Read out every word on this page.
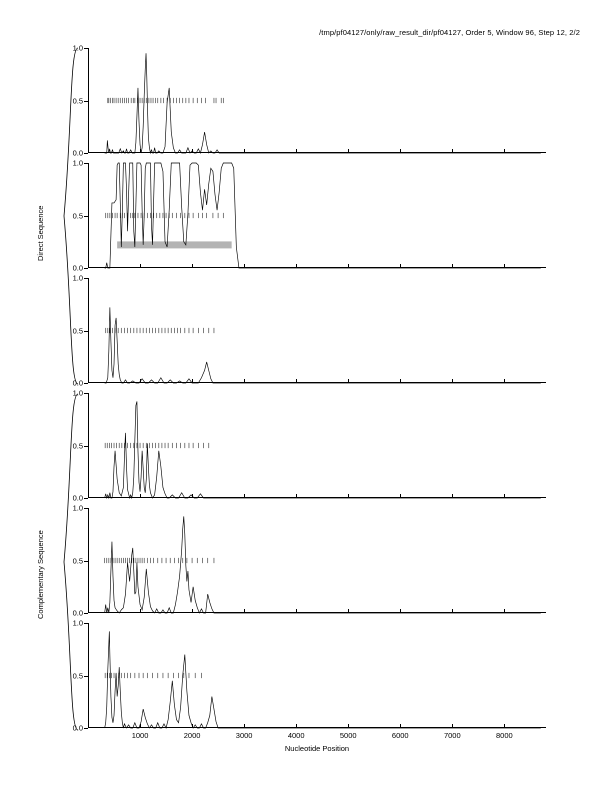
/tmp/pf04127/only/raw_result_dir/pf04127, Order 5, Window 96, Step 12, 2/2
Direct Sequence
Complementary Sequence
0.0
0.5
1.0
0.0
0.5
1.0
0.0
0.5
1.0
0.0
0.5
1.0
0.0
0.5
1.0
0.0
0.5
1.0
1000	2000	3000	4000	5000	6000	7000	8000
Nucleotide Position
